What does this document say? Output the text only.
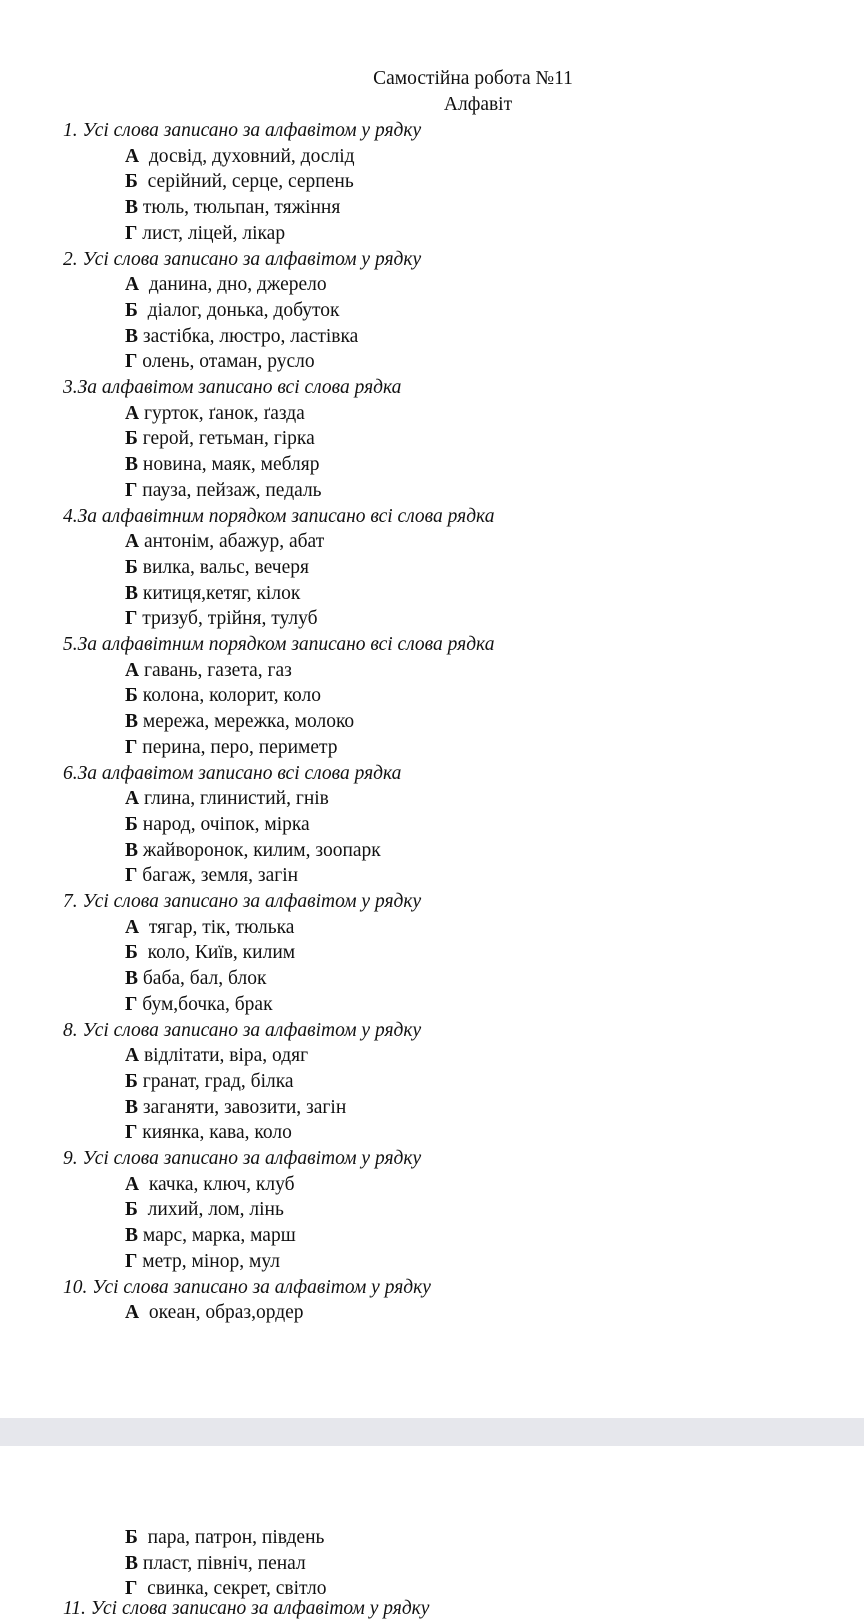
Самостійна робота №11
Алфавіт
1. Усі слова записано за алфавітом у рядку
А досвід, духовний, дослід
Б серійний, серце, серпень
В тюль, тюльпан, тяжіння
Г лист, ліцей, лікар
2. Усі слова записано за алфавітом у рядку
А данина, дно, джерело
Б діалог, донька, добуток
В застібка, люстро, ластівка
Г олень, отаман, русло
3.За алфавітом записано всі слова рядка
А гурток, ґанок, ґазда
Б герой, гетьман, гірка
В новина, маяк, мебляр
Г пауза, пейзаж, педаль
4.За алфавітним порядком записано всі слова рядка
А антонім, абажур, абат
Б вилка, вальс, вечеря
В китиця,кетяг, кілок
Г тризуб, трійня, тулуб
5.За алфавітним порядком записано всі слова рядка
А гавань, газета, газ
Б колона, колорит, коло
В мережа, мережка, молоко
Г перина, перо, периметр
6.За алфавітом записано всі слова рядка
А глина, глинистий, гнів
Б народ, очіпок, мірка
В жайворонок, килим, зоопарк
Г багаж, земля, загін
7. Усі слова записано за алфавітом у рядку
А тягар, тік, тюлька
Б коло, Київ, килим
В баба, бал, блок
Г бум,бочка, брак
8. Усі слова записано за алфавітом у рядку
А відлітати, віра, одяг
Б гранат, град, білка
В заганяти, завозити, загін
Г киянка, кава, коло
9. Усі слова записано за алфавітом у рядку
А качка, ключ, клуб
Б лихий, лом, лінь
В марс, марка, марш
Г метр, мінор, мул
10. Усі слова записано за алфавітом у рядку
А океан, образ,ордер
Б пара, патрон, південь
В пласт, північ, пенал
Г свинка, секрет, світло
11. Усі слова записано за алфавітом у рядку
